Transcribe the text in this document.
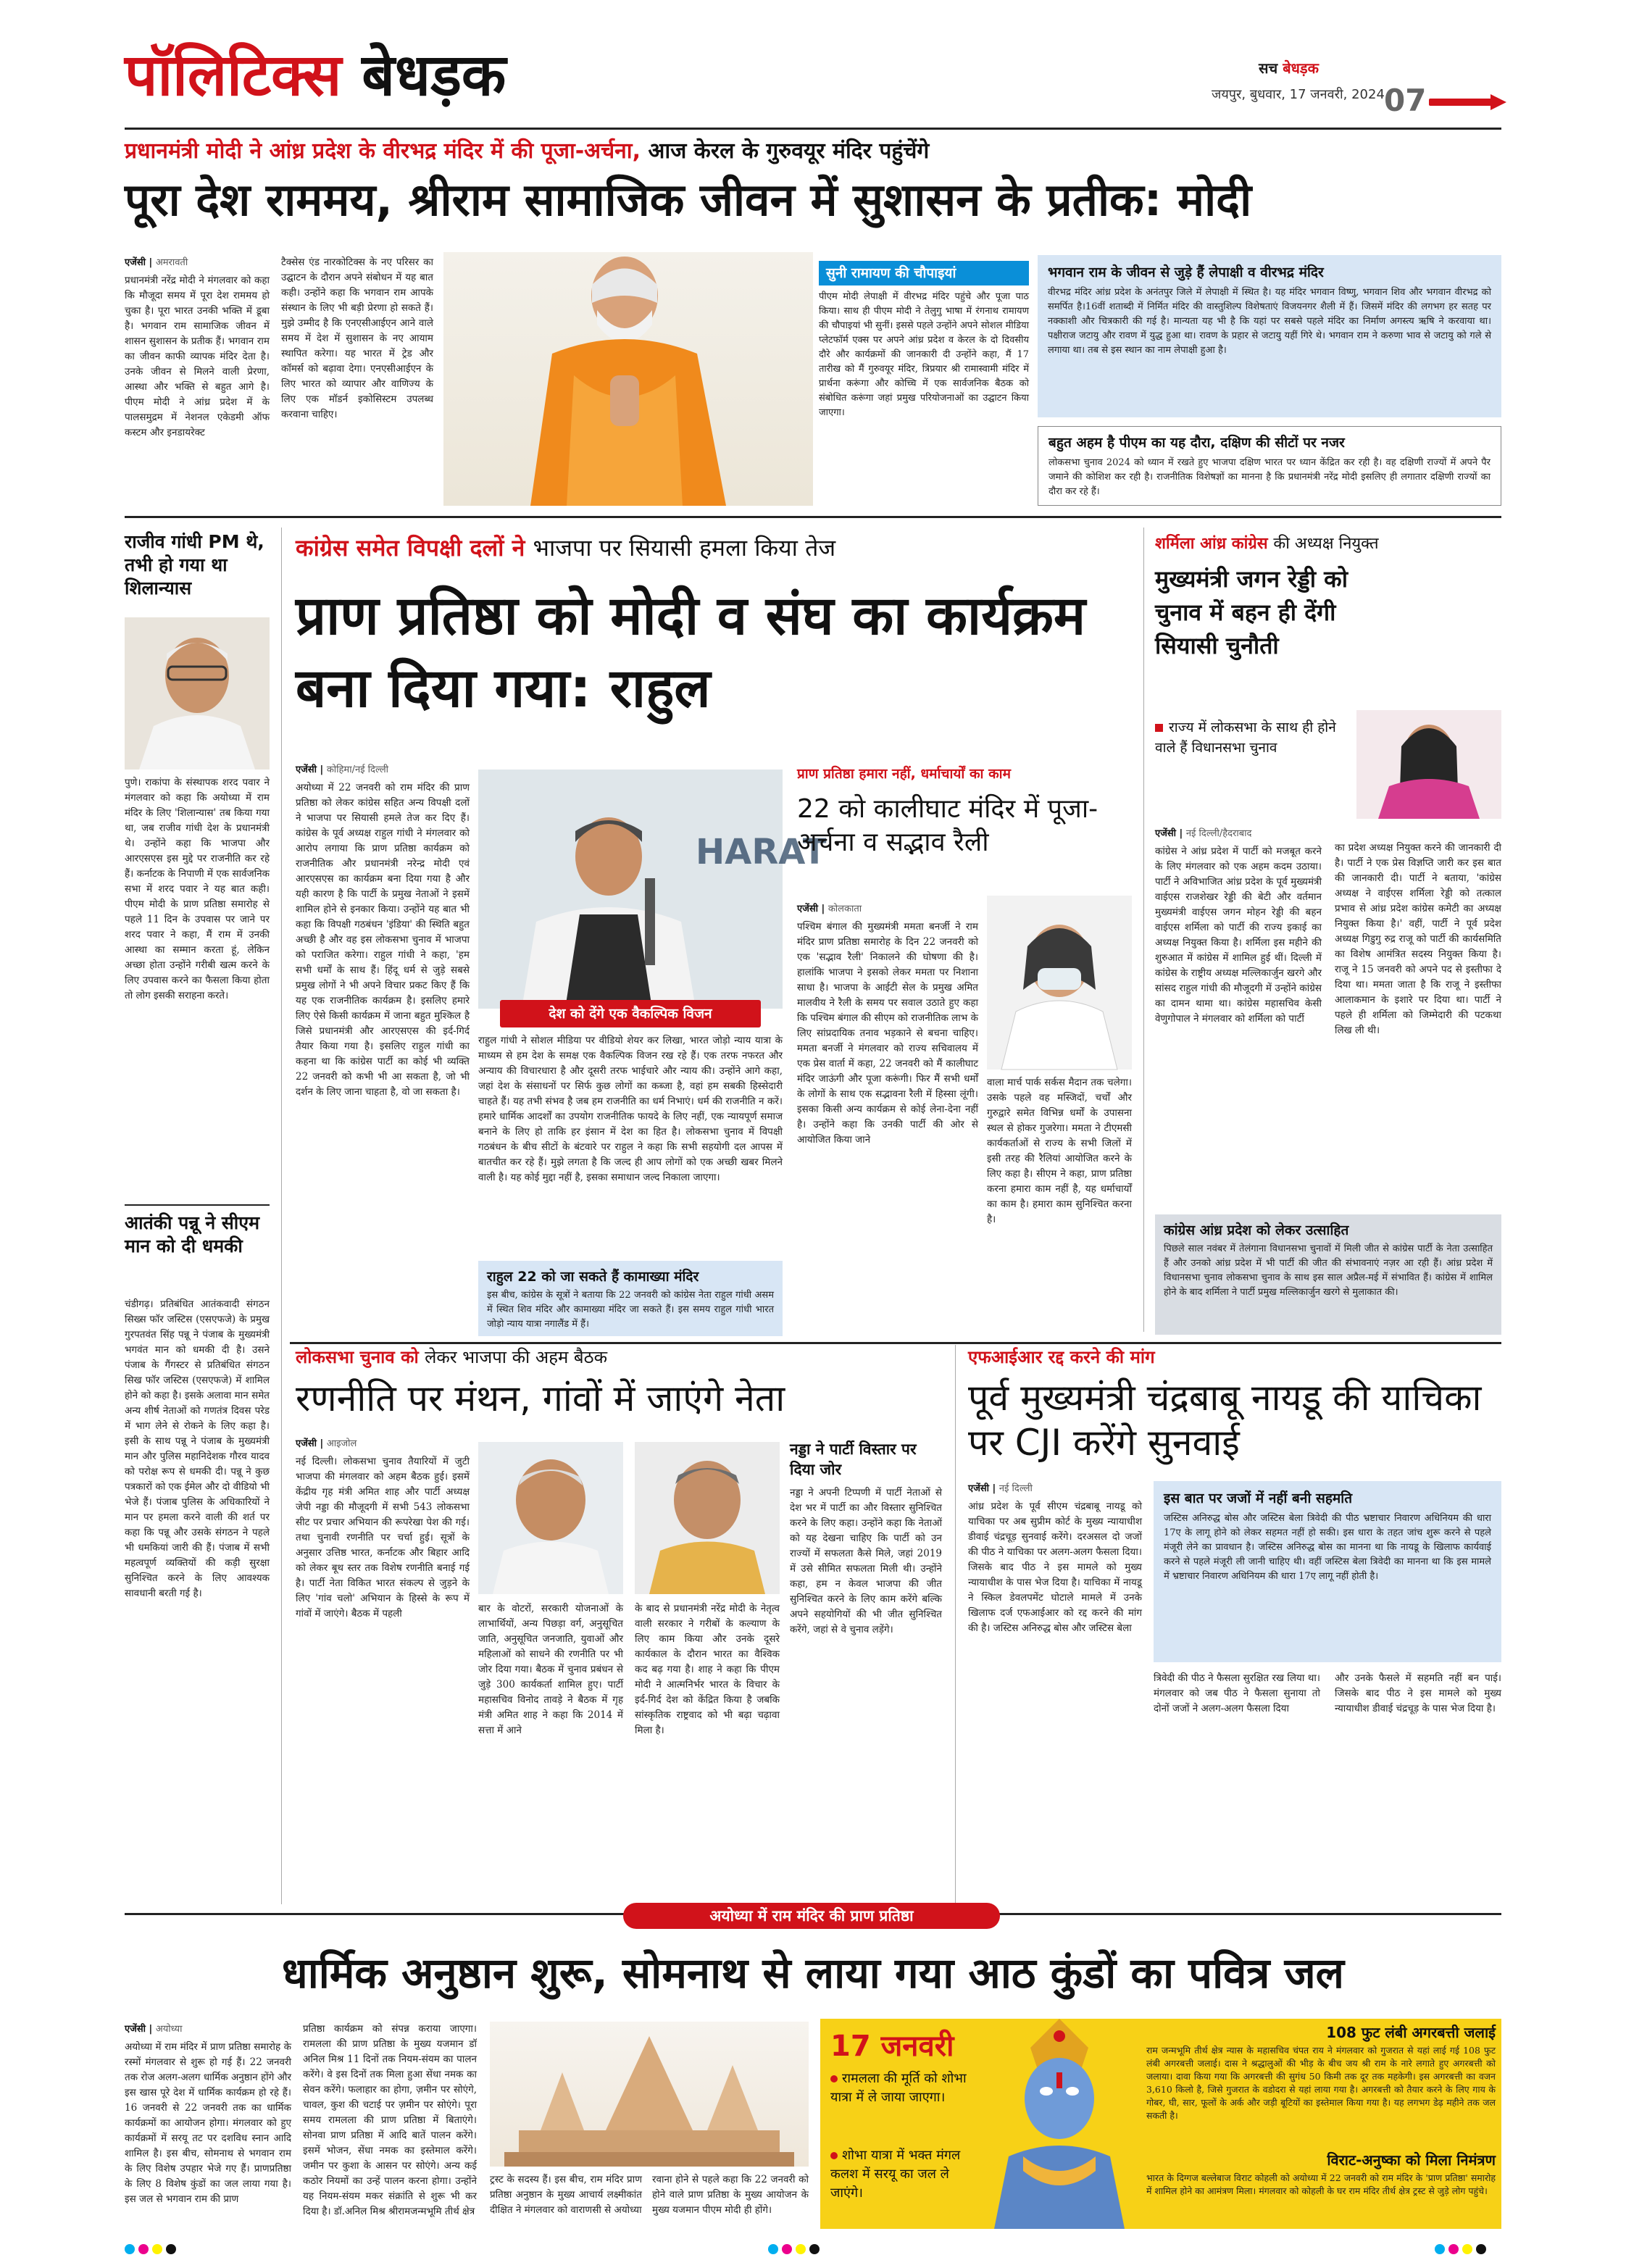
पॉलिटिक्स बेधड़क	सच बेधड़क
जयपुर, बुधवार, 17 जनवरी, 2024 07
प्रधानमंत्री मोदी ने आंध्र प्रदेश के वीरभद्र मंदिर में की पूजा-अर्चना, आज केरल के गुरुवयूर मंदिर पहुंचेंगे
पूरा देश राममय, श्रीराम सामाजिक जीवन में सुशासन के प्रतीक: मोदी
एजेंसी | अमरावती
प्रधानमंत्री नरेंद्र मोदी ने मंगलवार को कहा कि मौजूदा समय में पूरा देश राममय हो चुका है। पूरा भारत उनकी भक्ति में डूबा है। भगवान राम सामाजिक जीवन में शासन सुशासन के प्रतीक हैं। भगवान राम का जीवन काफी व्यापक मंदिर देता है। उनके जीवन से मिलने वाली प्रेरणा, आस्था और भक्ति से बहुत आगे है। पीएम मोदी ने आंध्र प्रदेश में के पालसमुद्रम में नेशनल एकेडमी ऑफ कस्टम और इनडायरेक्ट
टैक्सेस एंड नारकोटिक्स के नए परिसर का उद्घाटन के दौरान अपने संबोधन में यह बात कही। उन्होंने कहा कि भगवान राम आपके संस्थान के लिए भी बड़ी प्रेरणा हो सकते हैं। मुझे उम्मीद है कि एनएसीआईएन आने वाले समय में देश में सुशासन के नए आयाम स्थापित करेगा। यह भारत में ट्रेड और कॉमर्स को बढ़ावा देगा। एनएसीआईएन के लिए भारत को व्यापार और वाणिज्य के लिए एक मॉडर्न इकोसिस्टम उपलब्ध करवाना चाहिए।
सुनी रामायण की चौपाइयां
पीएम मोदी लेपाक्षी में वीरभद्र मंदिर पहुंचे और पूजा पाठ किया। साथ ही पीएम मोदी ने तेलुगु भाषा में रंगनाथ रामायण की चौपाइयां भी सुनीं। इससे पहले उन्होंने अपने सोशल मीडिया प्लेटफॉर्म एक्स पर अपने आंध्र प्रदेश व केरल के दो दिवसीय दौरे और कार्यक्रमों की जानकारी दी उन्होंने कहा, मैं 17 तारीख को मैं गुरुवयूर मंदिर, त्रिप्रयार श्री रामास्वामी मंदिर में प्रार्थना करूंगा और कोच्चि में एक सार्वजनिक बैठक को संबोधित करूंगा जहां प्रमुख परियोजनाओं का उद्घाटन किया जाएगा।
भगवान राम के जीवन से जुड़े हैं लेपाक्षी व वीरभद्र मंदिर
वीरभद्र मंदिर आंध्र प्रदेश के अनंतपुर जिले में लेपाक्षी में स्थित है। यह मंदिर भगवान विष्णु, भगवान शिव और भगवान वीरभद्र को समर्पित है।16वीं शताब्दी में निर्मित मंदिर की वास्तुशिल्प विशेषताएं विजयनगर शैली में हैं। जिसमें मंदिर की लगभग हर सतह पर नक्काशी और चित्रकारी की गई है। मान्यता यह भी है कि यहां पर सबसे पहले मंदिर का निर्माण अगस्त्य ऋषि ने करवाया था। पक्षीराज जटायु और रावण में युद्ध हुआ था। रावण के प्रहार से जटायु यहीं गिरे थे। भगवान राम ने करुणा भाव से जटायु को गले से लगाया था। तब से इस स्थान का नाम लेपाक्षी हुआ है।
बहुत अहम है पीएम का यह दौरा, दक्षिण की सीटों पर नजर
लोकसभा चुनाव 2024 को ध्यान में रखते हुए भाजपा दक्षिण भारत पर ध्यान केंद्रित कर रही है। वह दक्षिणी राज्यों में अपने पैर जमाने की कोशिश कर रही है। राजनीतिक विशेषज्ञों का मानना है कि प्रधानमंत्री नरेंद्र मोदी इसलिए ही लगातार दक्षिणी राज्यों का दौरा कर रहे हैं।
राजीव गांधी PM थे, तभी हो गया था शिलान्यास
पुणे। राकांपा के संस्थापक शरद पवार ने मंगलवार को कहा कि अयोध्या में राम मंदिर के लिए 'शिलान्यास' तब किया गया था, जब राजीव गांधी देश के प्रधानमंत्री थे। उन्होंने कहा कि भाजपा और आरएसएस इस मुद्दे पर राजनीति कर रहे हैं। कर्नाटक के निपाणी में एक सार्वजनिक सभा में शरद पवार ने यह बात कही। पीएम मोदी के प्राण प्रतिष्ठा समारोह से पहले 11 दिन के उपवास पर जाने पर शरद पवार ने कहा, मैं राम में उनकी आस्था का सम्मान करता हूं, लेकिन अच्छा होता उन्होंने गरीबी खत्म करने के लिए उपवास करने का फैसला किया होता तो लोग इसकी सराहना करते।
आतंकी पन्नू ने सीएम मान को दी धमकी
चंडीगढ़। प्रतिबंधित आतंकवादी संगठन सिख्स फॉर जस्टिस (एसएफजे) के प्रमुख गुरपतवंत सिंह पन्नू ने पंजाब के मुख्यमंत्री भगवंत मान को धमकी दी है। उसने पंजाब के गैंगस्टर से प्रतिबंधित संगठन सिख फॉर जस्टिस (एसएफजे) में शामिल होने को कहा है। इसके अलावा मान समेत अन्य शीर्ष नेताओं को गणतंत्र दिवस परेड में भाग लेने से रोकने के लिए कहा है। इसी के साथ पन्नू ने पंजाब के मुख्यमंत्री मान और पुलिस महानिदेशक गौरव यादव को परोक्ष रूप से धमकी दी। पन्नू ने कुछ पत्रकारों को एक ईमेल और दो वीडियो भी भेजे हैं। पंजाब पुलिस के अधिकारियों ने मान पर हमला करने वाली की शर्त पर कहा कि पन्नू और उसके संगठन ने पहले भी धमकियां जारी की हैं। पंजाब में सभी महत्वपूर्ण व्यक्तियों की कड़ी सुरक्षा सुनिश्चित करने के लिए आवश्यक सावधानी बरती गई है।
कांग्रेस समेत विपक्षी दलों ने भाजपा पर सियासी हमला किया तेज
प्राण प्रतिष्ठा को मोदी व संघ का कार्यक्रम बना दिया गया: राहुल
एजेंसी | कोहिमा/नई दिल्ली
अयोध्या में 22 जनवरी को राम मंदिर की प्राण प्रतिष्ठा को लेकर कांग्रेस सहित अन्य विपक्षी दलों ने भाजपा पर सियासी हमले तेज कर दिए हैं। कांग्रेस के पूर्व अध्यक्ष राहुल गांधी ने मंगलवार को आरोप लगाया कि प्राण प्रतिष्ठा कार्यक्रम को राजनीतिक और प्रधानमंत्री नरेन्द्र मोदी एवं आरएसएस का कार्यक्रम बना दिया गया है और यही कारण है कि पार्टी के प्रमुख नेताओं ने इसमें शामिल होने से इनकार किया। उन्होंने यह बात भी कहा कि विपक्षी गठबंधन 'इंडिया' की स्थिति बहुत अच्छी है और वह इस लोकसभा चुनाव में भाजपा को पराजित करेगा। राहुल गांधी ने कहा, 'हम सभी धर्मों के साथ हैं। हिंदू धर्म से जुड़े सबसे प्रमुख लोगों ने भी अपने विचार प्रकट किए हैं कि यह एक राजनीतिक कार्यक्रम है। इसलिए हमारे लिए ऐसे किसी कार्यक्रम में जाना बहुत मुश्किल है जिसे प्रधानमंत्री और आरएसएस की इर्द-गिर्द तैयार किया गया है। इसलिए राहुल गांधी का कहना था कि कांग्रेस पार्टी का कोई भी व्यक्ति 22 जनवरी को कभी भी आ सकता है, जो भी दर्शन के लिए जाना चाहता है, वो जा सकता है।
HARAT
देश को देंगे एक वैकल्पिक विजन
राहुल गांधी ने सोशल मीडिया पर वीडियो शेयर कर लिखा, भारत जोड़ो न्याय यात्रा के माध्यम से हम देश के समक्ष एक वैकल्पिक विजन रख रहे हैं। एक तरफ नफरत और अन्याय की विचारधारा है और दूसरी तरफ भाईचारे और न्याय की। उन्होंने आगे कहा, जहां देश के संसाधनों पर सिर्फ कुछ लोगों का कब्जा है, वहां हम सबकी हिस्सेदारी चाहते हैं। यह तभी संभव है जब हम राजनीति का धर्म निभाएं। धर्म की राजनीति न करें। हमारे धार्मिक आदर्शों का उपयोग राजनीतिक फायदे के लिए नहीं, एक न्यायपूर्ण समाज बनाने के लिए हो ताकि हर इंसान में देश का हित है। लोकसभा चुनाव में विपक्षी गठबंधन के बीच सीटों के बंटवारे पर राहुल ने कहा कि सभी सहयोगी दल आपस में बातचीत कर रहे हैं। मुझे लगता है कि जल्द ही आप लोगों को एक अच्छी खबर मिलने वाली है। यह कोई मुद्दा नहीं है, इसका समाधान जल्द निकाला जाएगा।
राहुल 22 को जा सकते हैं कामाख्या मंदिर
इस बीच, कांग्रेस के सूत्रों ने बताया कि 22 जनवरी को कांग्रेस नेता राहुल गांधी असम में स्थित शिव मंदिर और कामाख्या मंदिर जा सकते हैं। इस समय राहुल गांधी भारत जोड़ो न्याय यात्रा नगालैंड में हैं।
प्राण प्रतिष्ठा हमारा नहीं, धर्माचार्यों का काम
22 को कालीघाट मंदिर में पूजा-अर्चना व सद्भाव रैली
एजेंसी | कोलकाता
पश्चिम बंगाल की मुख्यमंत्री ममता बनर्जी ने राम मंदिर प्राण प्रतिष्ठा समारोह के दिन 22 जनवरी को एक 'सद्भाव रैली' निकालने की घोषणा की है। हालांकि भाजपा ने इसको लेकर ममता पर निशाना साधा है। भाजपा के आईटी सेल के प्रमुख अमित मालवीय ने रैली के समय पर सवाल उठाते हुए कहा कि पश्चिम बंगाल की सीएम को राजनीतिक लाभ के लिए सांप्रदायिक तनाव भड़काने से बचना चाहिए। ममता बनर्जी ने मंगलवार को राज्य सचिवालय में एक प्रेस वार्ता में कहा, 22 जनवरी को मैं कालीघाट मंदिर जाऊंगी और पूजा करूंगी। फिर मैं सभी धर्मों के लोगों के साथ एक सद्भावना रैली में हिस्सा लूंगी। इसका किसी अन्य कार्यक्रम से कोई लेना-देना नहीं है। उन्होंने कहा कि उनकी पार्टी की ओर से आयोजित किया जाने
वाला मार्च पार्क सर्कस मैदान तक चलेगा। उसके पहले वह मस्जिदों, चर्चों और गुरुद्वारे समेत विभिन्न धर्मों के उपासना स्थल से होकर गुजरेगा। ममता ने टीएमसी कार्यकर्ताओं से राज्य के सभी जिलों में इसी तरह की रैलियां आयोजित करने के लिए कहा है। सीएम ने कहा, प्राण प्रतिष्ठा करना हमारा काम नहीं है, यह धर्माचार्यों का काम है। हमारा काम सुनिश्चित करना है।
शर्मिला आंध्र कांग्रेस की अध्यक्ष नियुक्त
मुख्यमंत्री जगन रेड्डी को चुनाव में बहन ही देंगी सियासी चुनौती
राज्य में लोकसभा के साथ ही होने वाले हैं विधानसभा चुनाव
एजेंसी | नई दिल्ली/हैदराबाद
कांग्रेस ने आंध्र प्रदेश में पार्टी को मजबूत करने के लिए मंगलवार को एक अहम कदम उठाया। पार्टी ने अविभाजित आंध्र प्रदेश के पूर्व मुख्यमंत्री वाईएस राजशेखर रेड्डी की बेटी और वर्तमान मुख्यमंत्री वाईएस जगन मोहन रेड्डी की बहन वाईएस शर्मिला को पार्टी की राज्य इकाई का अध्यक्ष नियुक्त किया है। शर्मिला इस महीने की शुरुआत में कांग्रेस में शामिल हुई थीं। दिल्ली में कांग्रेस के राष्ट्रीय अध्यक्ष मल्लिकार्जुन खरगे और सांसद राहुल गांधी की मौजूदगी में उन्होंने कांग्रेस का दामन थामा था। कांग्रेस महासचिव केसी वेणुगोपाल ने मंगलवार को शर्मिला को पार्टी
का प्रदेश अध्यक्ष नियुक्त करने की जानकारी दी है। पार्टी ने एक प्रेस विज्ञप्ति जारी कर इस बात की जानकारी दी। पार्टी ने बताया, 'कांग्रेस अध्यक्ष ने वाईएस शर्मिला रेड्डी को तत्काल प्रभाव से आंध्र प्रदेश कांग्रेस कमेटी का अध्यक्ष नियुक्त किया है।' वहीं, पार्टी ने पूर्व प्रदेश अध्यक्ष गिडुगु रुद्र राजू को पार्टी की कार्यसमिति का विशेष आमंत्रित सदस्य नियुक्त किया है। राजू ने 15 जनवरी को अपने पद से इस्तीफा दे दिया था। ममता जाता है कि राजू ने इस्तीफा आलाकमान के इशारे पर दिया था। पार्टी ने पहले ही शर्मिला को जिम्मेदारी की पटकथा लिख ली थी।
कांग्रेस आंध्र प्रदेश को लेकर उत्साहित
पिछले साल नवंबर में तेलंगाना विधानसभा चुनावों में मिली जीत से कांग्रेस पार्टी के नेता उत्साहित हैं और उनको आंध्र प्रदेश में भी पार्टी की जीत की संभावनाएं नज़र आ रही हैं। आंध्र प्रदेश में विधानसभा चुनाव लोकसभा चुनाव के साथ इस साल अप्रैल-मई में संभावित हैं। कांग्रेस में शामिल होने के बाद शर्मिला ने पार्टी प्रमुख मल्लिकार्जुन खरगे से मुलाकात की।
लोकसभा चुनाव को लेकर भाजपा की अहम बैठक
रणनीति पर मंथन, गांवों में जाएंगे नेता
एजेंसी | आइजोल
नई दिल्ली। लोकसभा चुनाव तैयारियों में जुटी भाजपा की मंगलवार को अहम बैठक हुई। इसमें केंद्रीय गृह मंत्री अमित शाह और पार्टी अध्यक्ष जेपी नड्डा की मौजूदगी में सभी 543 लोकसभा सीट पर प्रचार अभियान की रूपरेखा पेश की गई। तथा चुनावी रणनीति पर चर्चा हुई। सूत्रों के अनुसार उत्तिष्ठ भारत, कर्नाटक और बिहार आदि को लेकर बूथ स्तर तक विशेष रणनीति बनाई गई है। पार्टी नेता विकित भारत संकल्प से जुड़ने के लिए 'गांव चलो' अभियान के हिस्से के रूप में गांवों में जाएंगे। बैठक में पहली	बार के वोटरों, सरकारी योजनाओं के लाभार्थियों, अन्य पिछड़ा वर्ग, अनुसूचित जाति, अनुसूचित जनजाति, युवाओं और महिलाओं को साधने की रणनीति पर भी जोर दिया गया। बैठक में चुनाव प्रबंधन से जुड़े 300 कार्यकर्ता शामिल हुए। पार्टी महासचिव विनोद तावड़े ने बैठक में गृह मंत्री अमित शाह ने कहा कि 2014 में सत्ता में आने
के बाद से प्रधानमंत्री नरेंद्र मोदी के नेतृत्व वाली सरकार ने गरीबों के कल्याण के लिए काम किया और उनके दूसरे कार्यकाल के दौरान भारत का वैश्विक कद बढ़ गया है। शाह ने कहा कि पीएम मोदी ने आत्मनिर्भर भारत के विचार के इर्द-गिर्द देश को केंद्रित किया है जबकि सांस्कृतिक राष्ट्रवाद को भी बढ़ा चढ़ावा मिला है।
नड्डा ने पार्टी विस्तार पर दिया जोर
नड्डा ने अपनी टिप्पणी में पार्टी नेताओं से देश भर में पार्टी का और विस्तार सुनिश्चित करने के लिए कहा। उन्होंने कहा कि नेताओं को यह देखना चाहिए कि पार्टी को उन राज्यों में सफलता कैसे मिले, जहां 2019 में उसे सीमित सफलता मिली थी। उन्होंने कहा, हम न केवल भाजपा की जीत सुनिश्चित करने के लिए काम करेंगे बल्कि अपने सहयोगियों की भी जीत सुनिश्चित करेंगे, जहां से वे चुनाव लड़ेंगे।
एफआईआर रद्द करने की मांग
पूर्व मुख्यमंत्री चंद्रबाबू नायडू की याचिका पर CJI करेंगे सुनवाई
एजेंसी | नई दिल्ली
आंध्र प्रदेश के पूर्व सीएम चंद्रबाबू नायडू को याचिका पर अब सुप्रीम कोर्ट के मुख्य न्यायाधीश डीवाई चंद्रचूड़ सुनवाई करेंगे। दरअसल दो जजों की पीठ ने याचिका पर अलग-अलग फैसला दिया। जिसके बाद पीठ ने इस मामले को मुख्य न्यायाधीश के पास भेज दिया है। याचिका में नायडू ने स्किल डेवलपमेंट घोटाले मामले में उनके खिलाफ दर्ज एफआईआर को रद्द करने की मांग की है। जस्टिस अनिरुद्ध बोस और जस्टिस बेला
इस बात पर जजों में नहीं बनी सहमति
जस्टिस अनिरुद्ध बोस और जस्टिस बेला त्रिवेदी की पीठ भ्रष्टाचार निवारण अधिनियम की धारा 17ए के लागू होने को लेकर सहमत नहीं हो सकी। इस धारा के तहत जांच शुरू करने से पहले मंजूरी लेने का प्रावधान है। जस्टिस अनिरुद्ध बोस का मानना था कि नायडू के खिलाफ कार्यवाई करने से पहले मंजूरी ली जानी चाहिए थी। वहीं जस्टिस बेला त्रिवेदी का मानना था कि इस मामले में भ्रष्टाचार निवारण अधिनियम की धारा 17ए लागू नहीं होती है।
त्रिवेदी की पीठ ने फैसला सुरक्षित रख लिया था। मंगलवार को जब पीठ ने फैसला सुनाया तो दोनों जजों ने अलग-अलग फैसला दिया
और उनके फैसले में सहमति नहीं बन पाई। जिसके बाद पीठ ने इस मामले को मुख्य न्यायाधीश डीवाई चंद्रचूड़ के पास भेज दिया है।
अयोध्या में राम मंदिर की प्राण प्रतिष्ठा
धार्मिक अनुष्ठान शुरू, सोमनाथ से लाया गया आठ कुंडों का पवित्र जल
एजेंसी | अयोध्या
अयोध्या में राम मंदिर में प्राण प्रतिष्ठा समारोह के रस्मों मंगलवार से शुरू हो गई हैं। 22 जनवरी तक रोज अलग-अलग धार्मिक अनुष्ठान होंगे और इस खास पूरे देश में धार्मिक कार्यक्रम हो रहे हैं। 16 जनवरी से 22 जनवरी तक का धार्मिक कार्यक्रमों का आयोजन होगा। मंगलवार को हुए कार्यक्रमों में सरयू तट पर दशविध स्नान आदि शामिल है। इस बीच, सोमनाथ से भगवान राम के लिए विशेष उपहार भेजे गए हैं। प्राणप्रतिष्ठा के लिए 8 विशेष कुंडों का जल लाया गया है। इस जल से भगवान राम की प्राण
प्रतिष्ठा कार्यक्रम को संपन्न कराया जाएगा। रामलला की प्राण प्रतिष्ठा के मुख्य यजमान डॉ अनिल मिश्र 11 दिनों तक नियम-संयम का पालन करेंगे। वे इस दिनों तक मिला हुआ सेंधा नमक का सेवन करेंगे। फलाहार का होगा, ज़मीन पर सोएंगे, चावल, कुश की चटाई पर ज़मीन पर सोएंगे। पूरा समय रामलला की प्राण प्रतिष्ठा में बिताएंगे। सोनवा प्राण प्रतिष्ठा में आदि बातें पालन करेंगे। इसमें भोजन, सेंधा नमक का इस्तेमाल करेंगे। जमीन पर कुशा के आसन पर सोएंगे। अन्य कई कठोर नियमों का उन्हें पालन करना होगा। उन्होंने यह नियम-संयम मकर संक्रांति से शुरू भी कर दिया है। डॉ.अनिल मिश्र श्रीरामजन्मभूमि तीर्थ क्षेत्र
ट्रस्ट के सदस्य हैं। इस बीच, राम मंदिर प्राण प्रतिष्ठा अनुष्ठान के मुख्य आचार्य लक्ष्मीकांत दीक्षित ने मंगलवार को वाराणसी से अयोध्या
रवाना होने से पहले कहा कि 22 जनवरी को होने वाले प्राण प्रतिष्ठा के मुख्य आयोजन के मुख्य यजमान पीएम मोदी ही होंगे।
17 जनवरी
रामलला की मूर्ति को शोभा यात्रा में ले जाया जाएगा।
शोभा यात्रा में भक्त मंगल कलश में सरयू का जल ले जाएंगे।
108 फुट लंबी अगरबत्ती जलाई
राम जन्मभूमि तीर्थ क्षेत्र न्यास के महासचिव चंपत राय ने मंगलवार को गुजरात से यहां लाई गई 108 फुट लंबी अगरबत्ती जलाई। दास ने श्रद्धालुओं की भीड़ के बीच जय श्री राम के नारे लगाते हुए अगरबत्ती को जलाया। दावा किया गया कि अगरबत्ती की सुगंध 50 किमी तक दूर तक महकेगी। इस अगरबत्ती का वजन 3,610 किलो है, जिसे गुजरात के वडोदरा से यहां लाया गया है। अगरबत्ती को तैयार करने के लिए गाय के गोबर, घी, सार, फूलों के अर्क और जड़ी बूटियों का इस्तेमाल किया गया है। यह लगभग डेढ़ महीने तक जल सकती है।
विराट-अनुष्का को मिला निमंत्रण
भारत के दिग्गज बल्लेबाज विराट कोहली को अयोध्या में 22 जनवरी को राम मंदिर के 'प्राण प्रतिष्ठा' समारोह में शामिल होने का आमंत्रण मिला। मंगलवार को कोहली के घर राम मंदिर तीर्थ क्षेत्र ट्रस्ट से जुड़े लोग पहुंचे।
